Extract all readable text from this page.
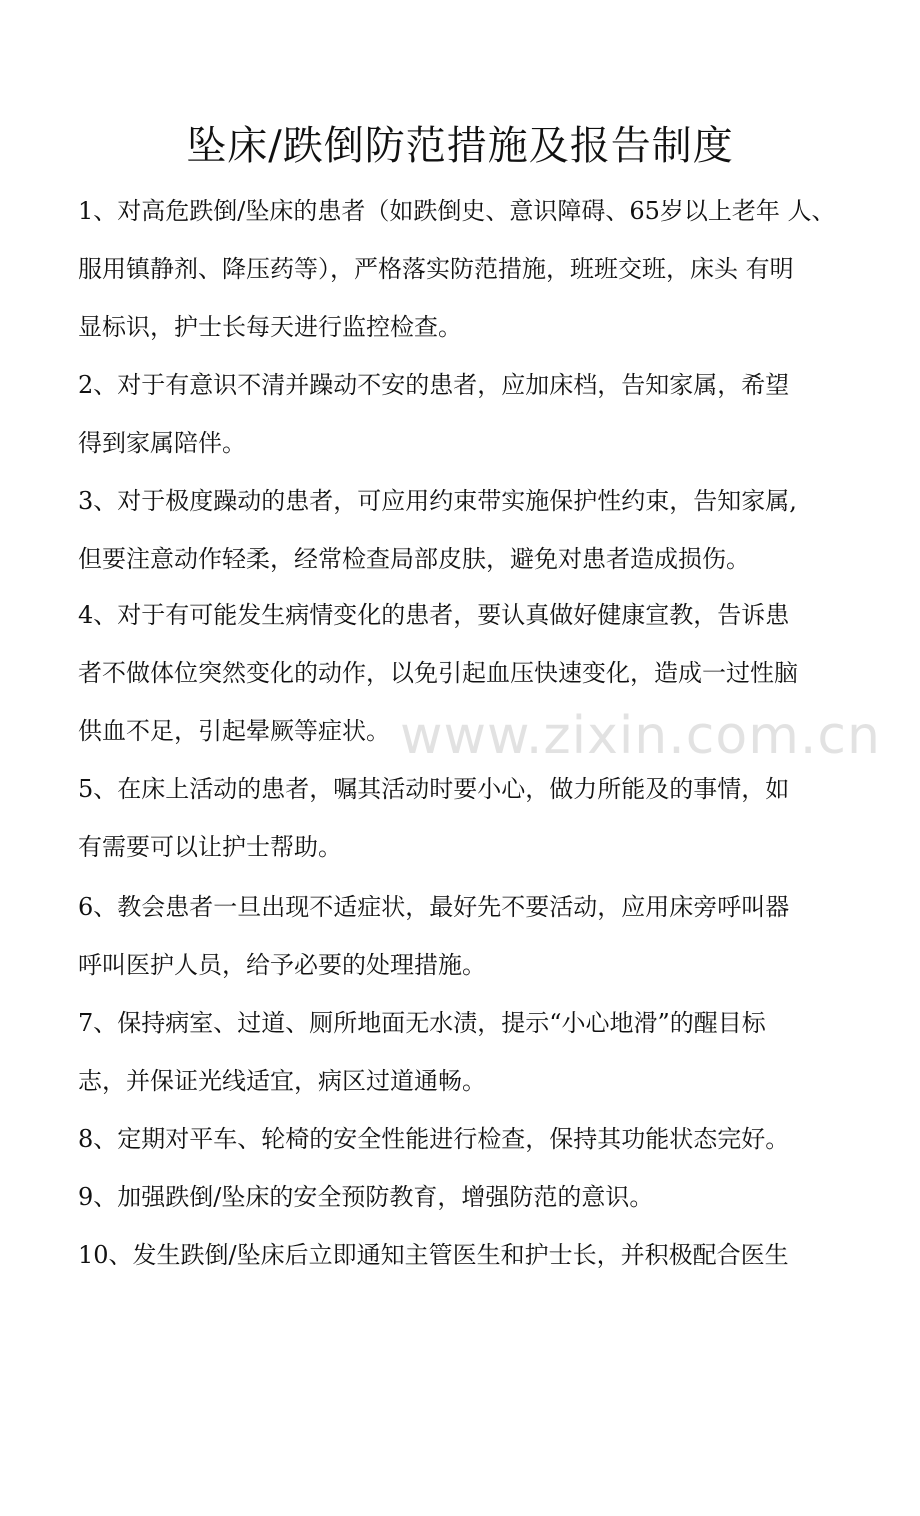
坠床/跌倒防范措施及报告制度
1、对高危跌倒/坠床的患者（如跌倒史、意识障碍、65岁以上老年 人、
服用镇静剂、降压药等），严格落实防范措施，班班交班，床头 有明
显标识，护士长每天进行监控检查。
2、对于有意识不清并躁动不安的患者，应加床档，告知家属，希望
得到家属陪伴。
3、对于极度躁动的患者，可应用约束带实施保护性约束，告知家属,
但要注意动作轻柔，经常检查局部皮肤，避免对患者造成损伤。
4、对于有可能发生病情变化的患者，要认真做好健康宣教，告诉患
者不做体位突然变化的动作，以免引起血压快速变化，造成一过性脑
供血不足，引起晕厥等症状。
5、在床上活动的患者，嘱其活动时要小心，做力所能及的事情，如
有需要可以让护士帮助。
6、教会患者一旦出现不适症状，最好先不要活动，应用床旁呼叫器
呼叫医护人员，给予必要的处理措施。
7、保持病室、过道、厕所地面无水渍，提示“小心地滑”的醒目标
志，并保证光线适宜，病区过道通畅。
8、定期对平车、轮椅的安全性能进行检查，保持其功能状态完好。
9、加强跌倒/坠床的安全预防教育，增强防范的意识。
10、发生跌倒/坠床后立即通知主管医生和护士长，并积极配合医生
www.zixin.com.cn
